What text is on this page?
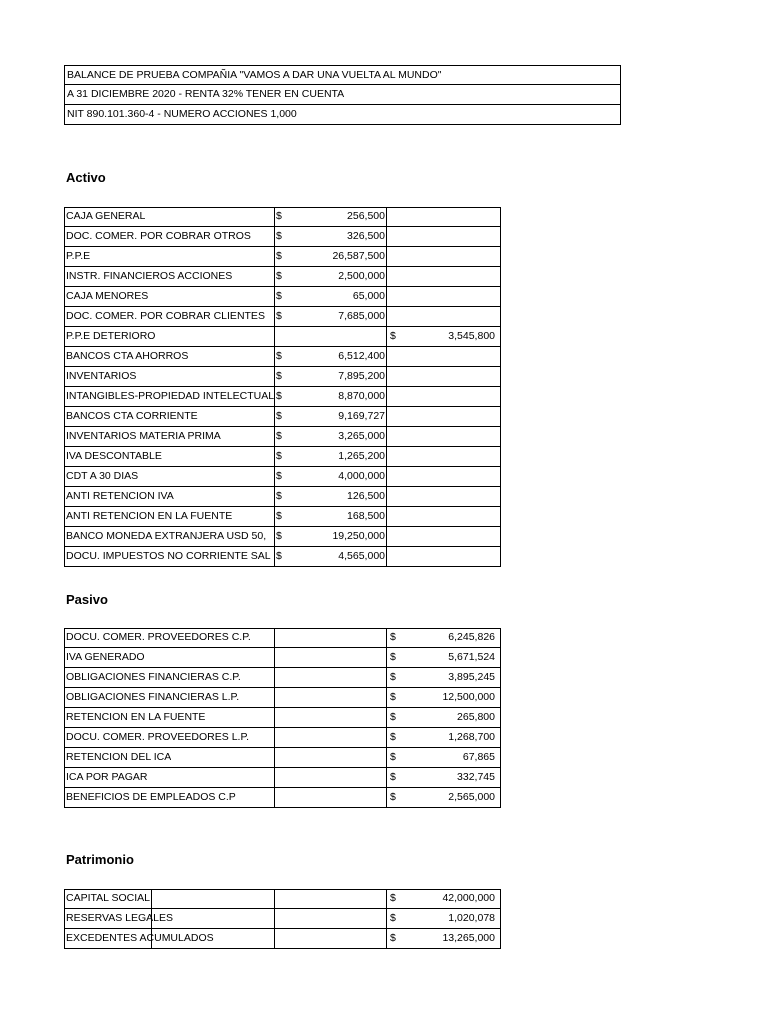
BALANCE DE PRUEBA COMPAÑIA "VAMOS A DAR UNA VUELTA AL MUNDO"
A 31 DICIEMBRE 2020 - RENTA 32% TENER EN CUENTA
NIT 890.101.360-4 - NUMERO ACCIONES 1,000
Activo
Pasivo
Patrimonio
CAJA GENERAL	$	256,500
DOC. COMER. POR COBRAR OTROS $	326,500
P.P.E	$	26,587,500
INSTR. FINANCIEROS ACCIONES	$	2,500,000
CAJA MENORES	$	65,000
DOC. COMER. POR COBRAR CLIENTES $	7,685,000
P.P.E DETERIORO	$	3,545,800
BANCOS CTA AHORROS	$	6,512,400
INVENTARIOS	$	7,895,200
INTANGIBLES-PROPIEDAD INTELECTUAL $	8,870,000
BANCOS CTA CORRIENTE	$	9,169,727
INVENTARIOS MATERIA PRIMA	$	3,265,000
IVA DESCONTABLE	$	1,265,200
CDT A 30 DIAS	$	4,000,000
ANTI RETENCION IVA	$	126,500
ANTI RETENCION EN LA FUENTE	$	168,500
BANCO MONEDA EXTRANJERA USD 50, $	19,250,000
DOCU. IMPUESTOS NO CORRIENTE SAL $	4,565,000
DOCU. COMER. PROVEEDORES C.P.	$	6,245,826
IVA GENERADO	$	5,671,524
OBLIGACIONES FINANCIERAS C.P.	$	3,895,245
OBLIGACIONES FINANCIERAS L.P.	$	12,500,000
RETENCION EN LA FUENTE	$	265,800
DOCU. COMER. PROVEEDORES L.P.	$	1,268,700
RETENCION DEL ICA	$	67,865
ICA POR PAGAR	$	332,745
BENEFICIOS DE EMPLEADOS C.P	$	2,565,000
CAPITAL SOCIAL	$	42,000,000
RESERVAS LEGALES	$	1,020,078
EXCEDENTES ACUMULADOS	$	13,265,000
